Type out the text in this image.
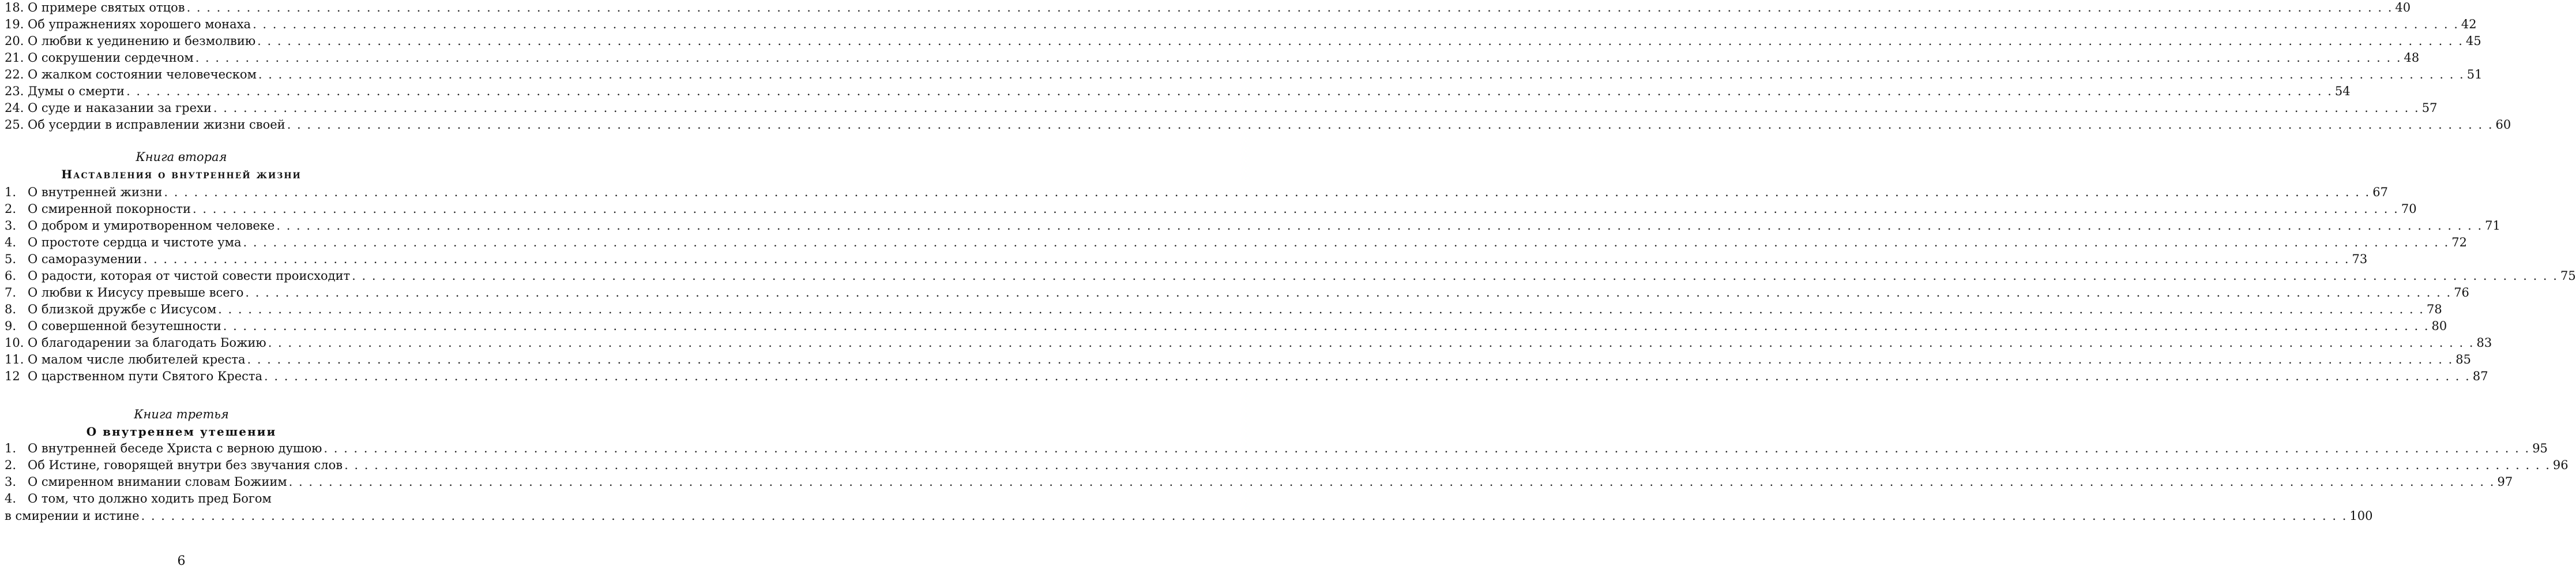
18. О примере святых отцов . . .	40
19. Об упражнениях хорошего монаха . . .	42
20. О любви к уединению и безмолвию . . .	45
21. О сокрушении сердечном . . .	48
22. О жалком состоянии человеческом . . .	51
23. Думы о смерти . . .	54
24. О суде и наказании за грехи . . .	57
25. Об усердии в исправлении жизни своей . . .	60
Книга вторая
Наставления о внутренней жизни
1. О внутренней жизни . . .	67
2. О смиренной покорности . . .	70
3. О добром и умиротворенном человеке . . .	71
4. О простоте сердца и чистоте ума . . .	72
5. О саморазумении . . .	73
6. О радости, которая от чистой совести происходит . . .	75
7. О любви к Иисусу превыше всего . . .	76
8. О близкой дружбе с Иисусом . . .	78
9. О совершенной безутешности . . .	80
10. О благодарении за благодать Божию . . .	83
11. О малом числе любителей креста . . .	85
12 О царственном пути Святого Креста . . .	87
Книга третья
О внутреннем утешении
1. О внутренней беседе Христа с верною душою . . .	95
2. Об Истине, говорящей внутри без звучания слов . . .	96
3. О смиренном внимании словам Божиим . . .	97
4. О том, что должно ходить пред Богом
в смирении и истине . . .	100
6
